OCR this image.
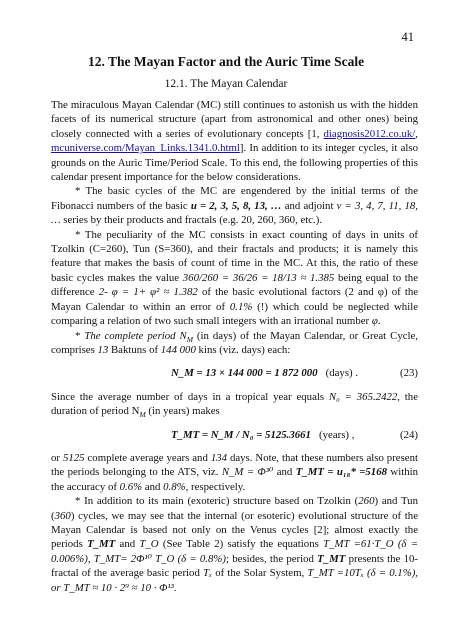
41
12. The Mayan Factor and the Auric Time Scale
12.1. The Mayan Calendar

The miraculous Mayan Calendar (MC) still continues to astonish us with the hidden facets of its numerical structure (apart from astronomical and other ones) being closely connected with a series of evolutionary concepts [1, diagnosis2012.co.uk/, mcuniverse.com/Mayan_Links.1341.0.html]. In addition to its integer cycles, it also grounds on the Auric Time/Period Scale. To this end, the following properties of this calendar present importance for the below considerations.

* The basic cycles of the MC are engendered by the initial terms of the Fibonacci numbers of the basic u = 2, 3, 5, 8, 13, … and adjoint v = 3, 4, 7, 11, 18, … series by their products and fractals (e.g. 20, 260, 360, etc.).

* The peculiarity of the MC consists in exact counting of days in units of Tzolkin (C=260), Tun (S=360), and their fractals and products; it is namely this feature that makes the basis of count of time in the MC. At this, the ratio of these basic cycles makes the value 360/260 = 36/26 = 18/13 ≈ 1.385 being equal to the difference 2- φ = 1+ φ² ≈ 1.382 of the basic evolutional factors (2 and φ) of the Mayan Calendar to within an error of 0.1% (!) which could be neglected while comparing a relation of two such small integers with an irrational number φ.

* The complete period $N_M$ (in days) of the Mayan Calendar, or Great Cycle, comprises 13 Baktuns of 144 000 kins (viz. days) each:

N_M = 13 × 144 000 = 1 872 000 (days) .	(23)

Since the average number of days in a tropical year equals N₀ = 365.2422, the duration of period $N_M$ (in years) makes

T_MT = N_M / N₀ = 5125.3661 (years) ,	(24)

or 5125 complete average years and 134 days. Note, that these numbers also present the periods belonging to the ATS, viz. N_M = Φ³⁰ and T_MT = u₁₈* =5168 within the accuracy of 0.6% and 0.8%, respectively.

* In addition to its main (exoteric) structure based on Tzolkin (260) and Tun (360) cycles, we may see that the internal (or esoteric) evolutional structure of the Mayan Calendar is based not only on the Venus cycles [2]; almost exactly the periods T_MT and T_O (See Table 2) satisfy the equations T_MT =61·T_O (δ = 0.006%), T_MT= 2Φ¹⁰ T_O (δ = 0.8%); besides, the period T_MT presents the 10-fractal of the average basic period Tₓ of the Solar System, T_MT =10Tₓ (δ = 0.1%), or T_MT ≈ 10 · 2⁹ ≈ 10 · Φ¹³.
